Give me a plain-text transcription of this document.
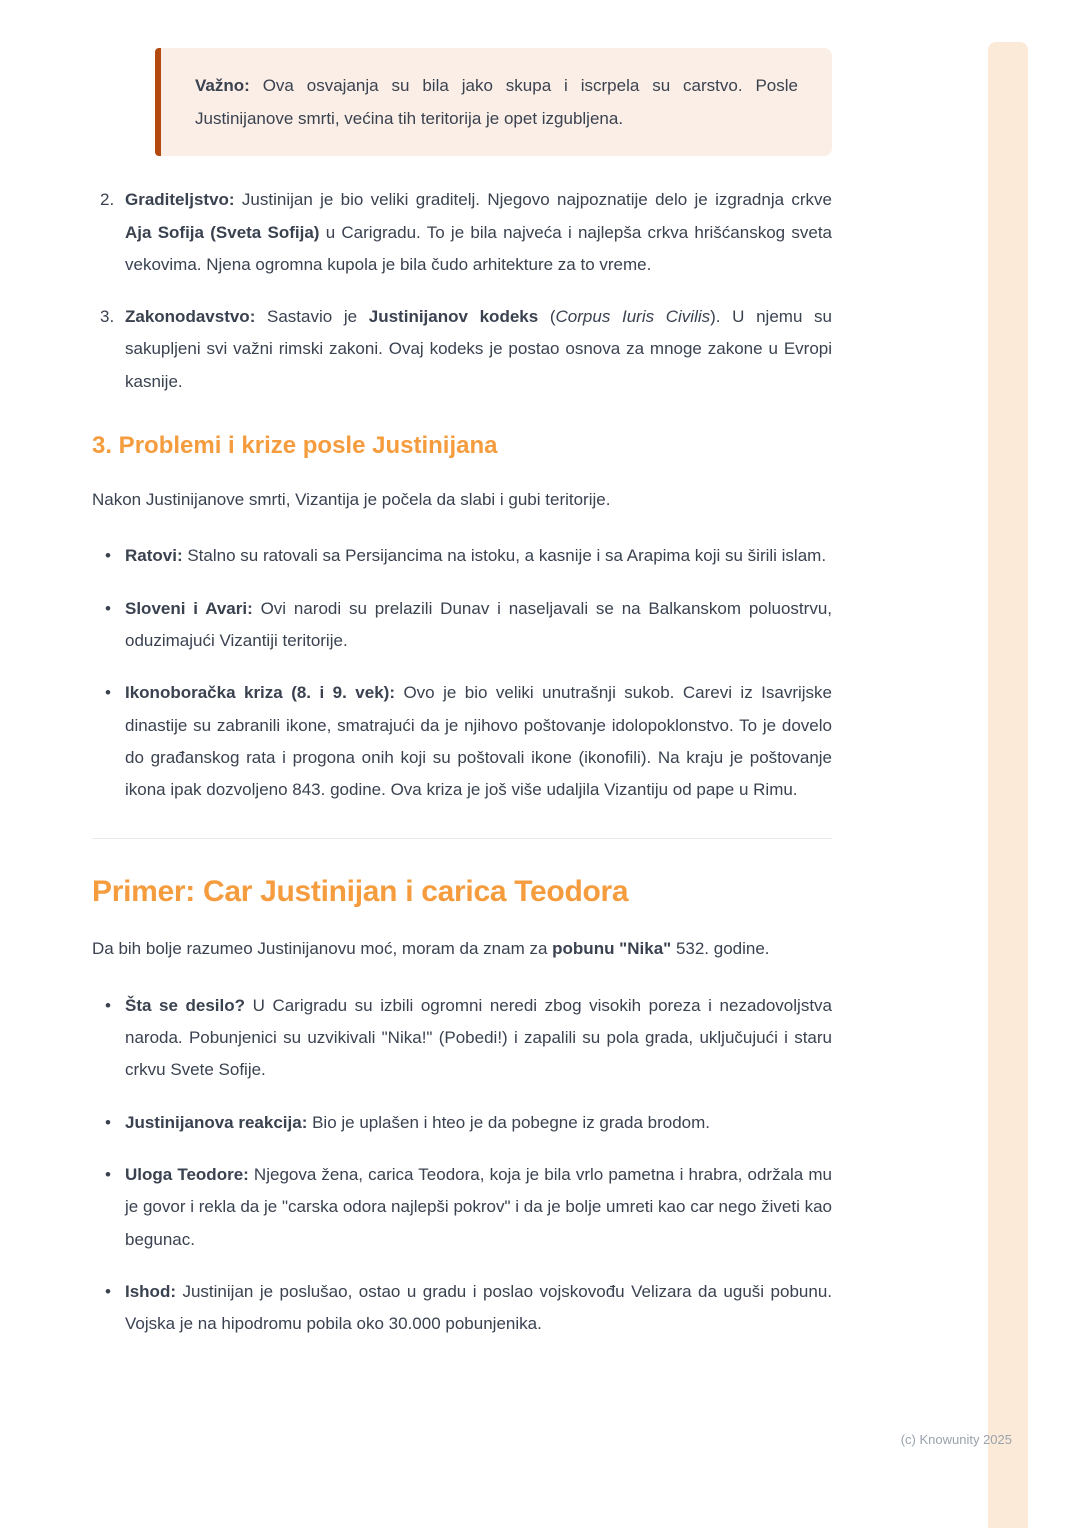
Važno: Ova osvajanja su bila jako skupa i iscrpela su carstvo. Posle Justinijanove smrti, većina tih teritorija je opet izgubljena.

2. Graditeljstvo: Justinijan je bio veliki graditelj. Njegovo najpoznatije delo je izgradnja crkve Aja Sofija (Sveta Sofija) u Carigradu. To je bila najveća i najlepša crkva hrišćanskog sveta vekovima. Njena ogromna kupola je bila čudo arhitekture za to vreme.

3. Zakonodavstvo: Sastavio je Justinijanov kodeks (Corpus Iuris Civilis). U njemu su sakupljeni svi važni rimski zakoni. Ovaj kodeks je postao osnova za mnoge zakone u Evropi kasnije.

3. Problemi i krize posle Justinijana

Nakon Justinijanove smrti, Vizantija je počela da slabi i gubi teritorije.

• Ratovi: Stalno su ratovali sa Persijancima na istoku, a kasnije i sa Arapima koji su širili islam.

• Sloveni i Avari: Ovi narodi su prelazili Dunav i naseljavali se na Balkanskom poluostrvu, oduzimajući Vizantiji teritorije.

• Ikonoboračka kriza (8. i 9. vek): Ovo je bio veliki unutrašnji sukob. Carevi iz Isavrijske dinastije su zabranili ikone, smatrajući da je njihovo poštovanje idolopoklonstvo. To je dovelo do građanskog rata i progona onih koji su poštovali ikone (ikonofili). Na kraju je poštovanje ikona ipak dozvoljeno 843. godine. Ova kriza je još više udaljila Vizantiju od pape u Rimu.

Primer: Car Justinijan i carica Teodora

Da bih bolje razumeo Justinijanovu moć, moram da znam za pobunu "Nika" 532. godine.

• Šta se desilo? U Carigradu su izbili ogromni neredi zbog visokih poreza i nezadovoljstva naroda. Pobunjenici su uzvikivali "Nika!" (Pobedi!) i zapalili su pola grada, uključujući i staru crkvu Svete Sofije.

• Justinijanova reakcija: Bio je uplašen i hteo je da pobegne iz grada brodom.

• Uloga Teodore: Njegova žena, carica Teodora, koja je bila vrlo pametna i hrabra, održala mu je govor i rekla da je "carska odora najlepši pokrov" i da je bolje umreti kao car nego živeti kao begunac.

• Ishod: Justinijan je poslušao, ostao u gradu i poslao vojskovođu Velizara da uguši pobunu. Vojska je na hipodromu pobila oko 30.000 pobunjenika.

(c) Knowunity 2025
